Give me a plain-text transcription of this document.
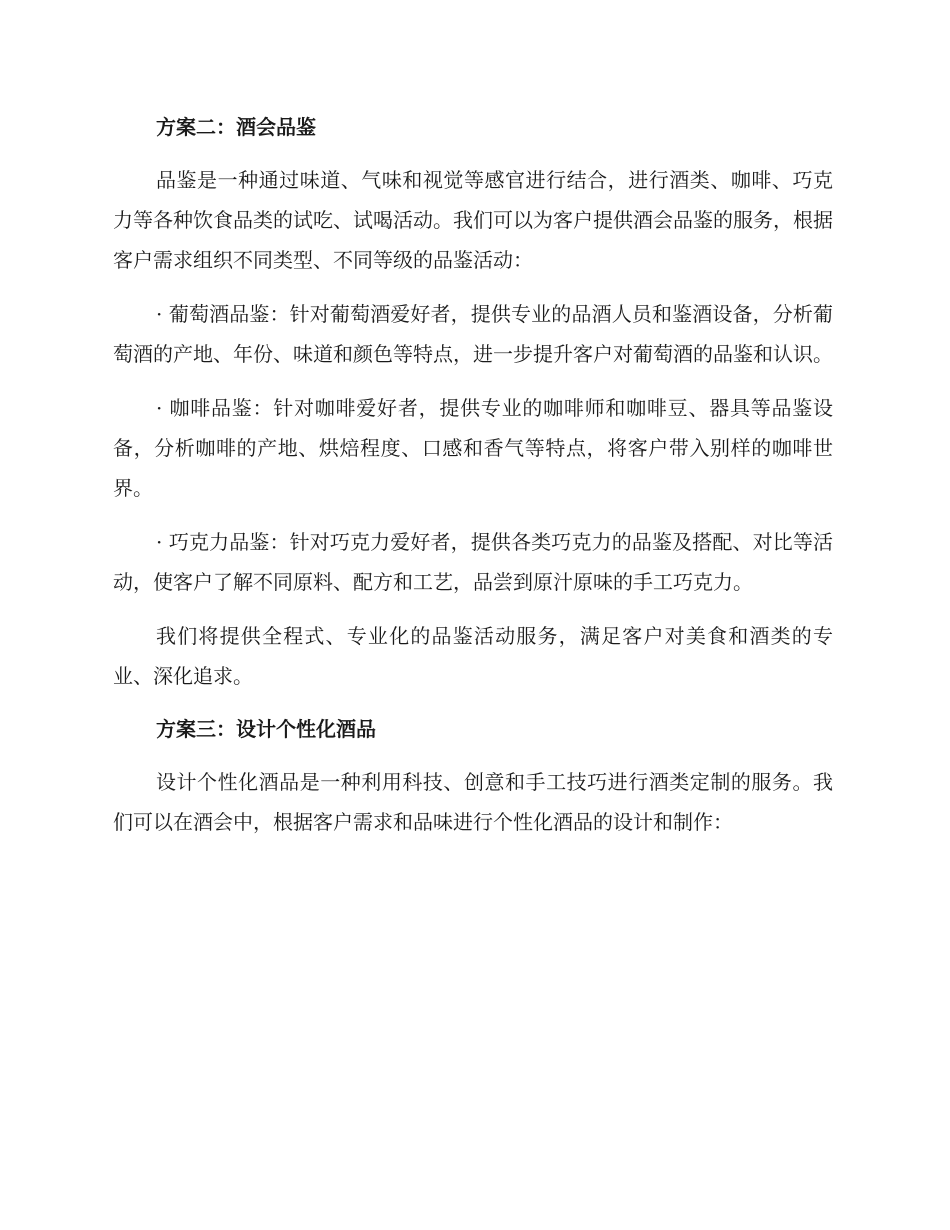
方案二：酒会品鉴

品鉴是一种通过味道、气味和视觉等感官进行结合，进行酒类、咖啡、巧克力等各种饮食品类的试吃、试喝活动。我们可以为客户提供酒会品鉴的服务，根据客户需求组织不同类型、不同等级的品鉴活动：

· 葡萄酒品鉴：针对葡萄酒爱好者，提供专业的品酒人员和鉴酒设备，分析葡萄酒的产地、年份、味道和颜色等特点，进一步提升客户对葡萄酒的品鉴和认识。

· 咖啡品鉴：针对咖啡爱好者，提供专业的咖啡师和咖啡豆、器具等品鉴设备，分析咖啡的产地、烘焙程度、口感和香气等特点，将客户带入别样的咖啡世界。

· 巧克力品鉴：针对巧克力爱好者，提供各类巧克力的品鉴及搭配、对比等活动，使客户了解不同原料、配方和工艺，品尝到原汁原味的手工巧克力。

我们将提供全程式、专业化的品鉴活动服务，满足客户对美食和酒类的专业、深化追求。

方案三：设计个性化酒品

设计个性化酒品是一种利用科技、创意和手工技巧进行酒类定制的服务。我们可以在酒会中，根据客户需求和品味进行个性化酒品的设计和制作：
